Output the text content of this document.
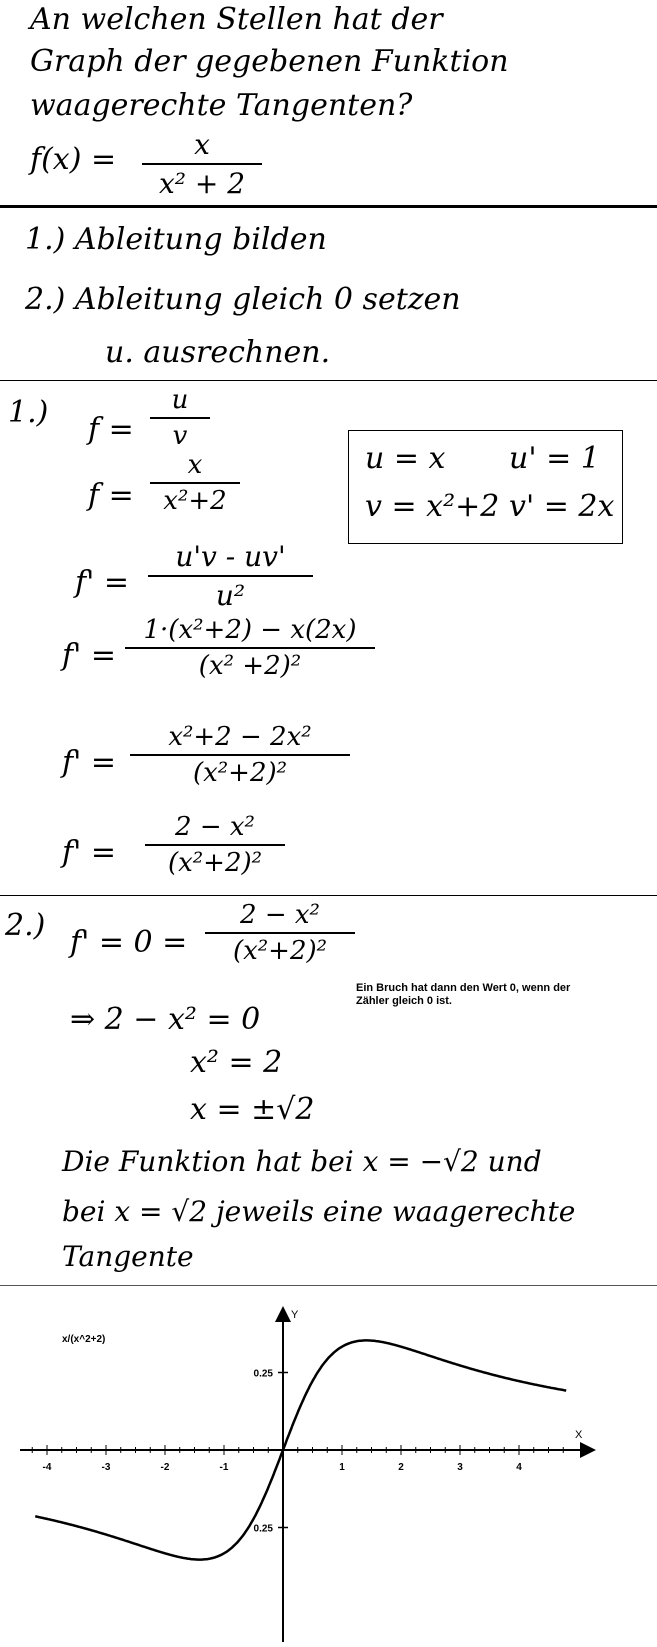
An welchen Stellen hat der
Graph der gegebenen Funktion
waagerechte Tangenten?
f(x) =	x
x² + 2
1.) Ableitung bilden
2.) Ableitung gleich 0 setzen
u. ausrechnen.
1.) f =
u
v
f =
x
x²+2
u = x u' = 1
v = x²+2 v' = 2x
f' =
u'v - uv'
u²
f' =
1·(x²+2) − x(2x)
(x² +2)²
f' =
x²+2 − 2x²
(x²+2)²
f' =
2 − x²
(x²+2)²
2.) f' = 0 =
2 − x²
(x²+2)²
Ein Bruch hat dann den Wert 0, wenn der
Zähler gleich 0 ist.
⇒ 2 − x² = 0
x² = 2
x = ±√2
Die Funktion hat bei x = −√2 und
bei x = √2 jeweils eine waagerechte
Tangente
X
Y
x/(x^2+2)
-4	-3	-2	-1	1	2	3	4
0.25
0.25
